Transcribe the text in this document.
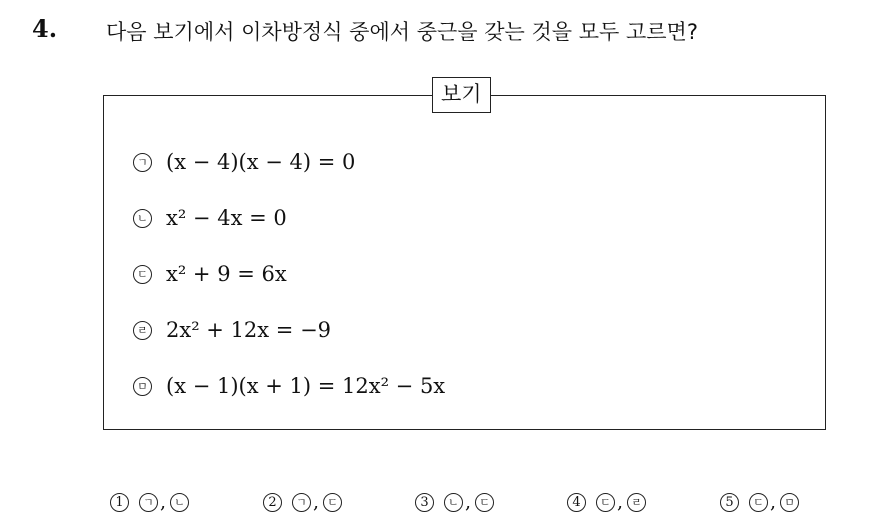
4. 다음 보기에서 이차방정식 중에서 중근을 갖는 것을 모두 고르면?
보기
ㄱ (x − 4)(x − 4) = 0
ㄴ x² − 4x = 0
ㄷ x² + 9 = 6x
ㄹ 2x² + 12x = −9
ㅁ (x − 1)(x + 1) = 12x² − 5x
1	ㄱ , ㄴ	2	ㄱ , ㄷ	3	ㄴ , ㄷ	4	ㄷ , ㄹ	5	ㄷ , ㅁ
